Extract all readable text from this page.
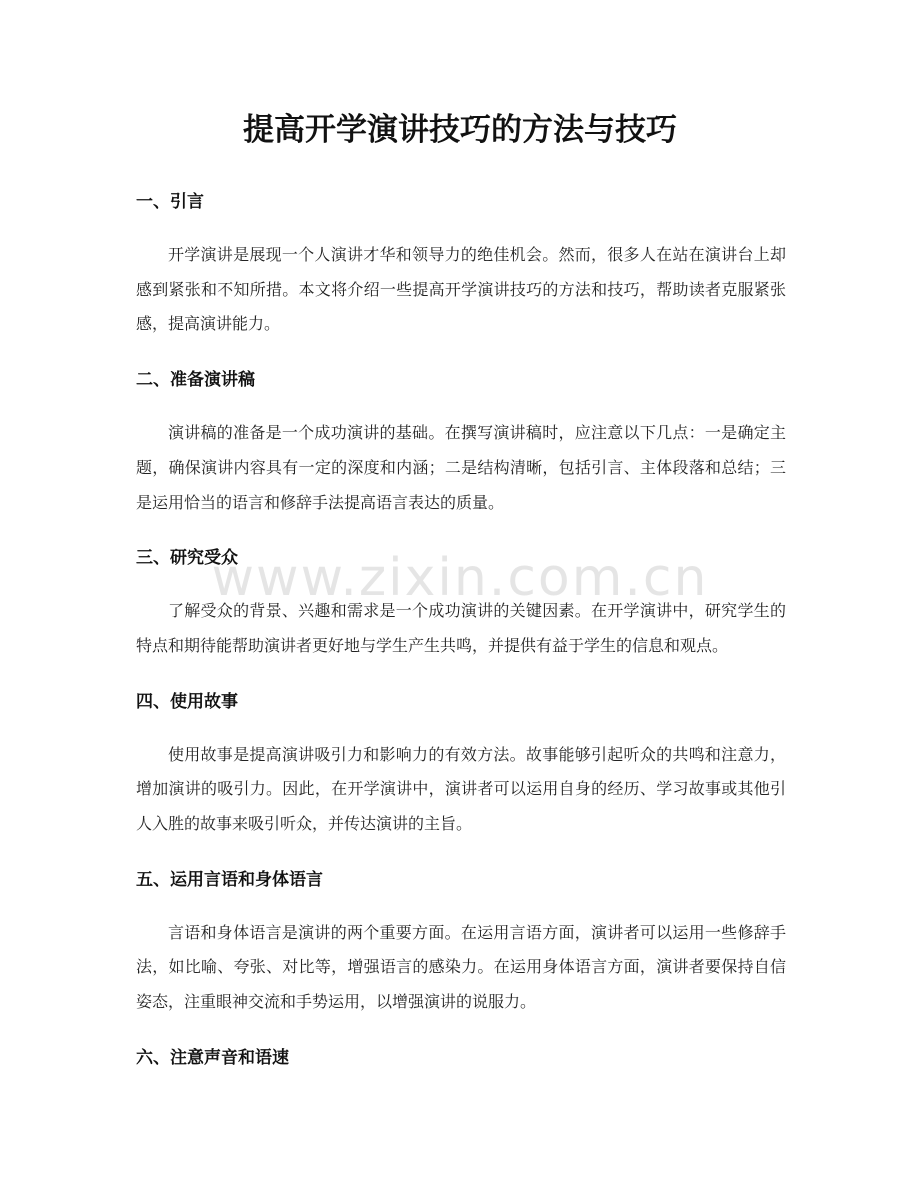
www.zixin.com.cn
提高开学演讲技巧的方法与技巧
一、引言

开学演讲是展现一个人演讲才华和领导力的绝佳机会。然而，很多人在站在演讲台上却感到紧张和不知所措。本文将介绍一些提高开学演讲技巧的方法和技巧，帮助读者克服紧张感，提高演讲能力。

二、准备演讲稿

演讲稿的准备是一个成功演讲的基础。在撰写演讲稿时，应注意以下几点：一是确定主题，确保演讲内容具有一定的深度和内涵；二是结构清晰，包括引言、主体段落和总结；三是运用恰当的语言和修辞手法提高语言表达的质量。

三、研究受众

了解受众的背景、兴趣和需求是一个成功演讲的关键因素。在开学演讲中，研究学生的特点和期待能帮助演讲者更好地与学生产生共鸣，并提供有益于学生的信息和观点。

四、使用故事

使用故事是提高演讲吸引力和影响力的有效方法。故事能够引起听众的共鸣和注意力，增加演讲的吸引力。因此，在开学演讲中，演讲者可以运用自身的经历、学习故事或其他引人入胜的故事来吸引听众，并传达演讲的主旨。

五、运用言语和身体语言

言语和身体语言是演讲的两个重要方面。在运用言语方面，演讲者可以运用一些修辞手法，如比喻、夸张、对比等，增强语言的感染力。在运用身体语言方面，演讲者要保持自信姿态，注重眼神交流和手势运用，以增强演讲的说服力。

六、注意声音和语速
